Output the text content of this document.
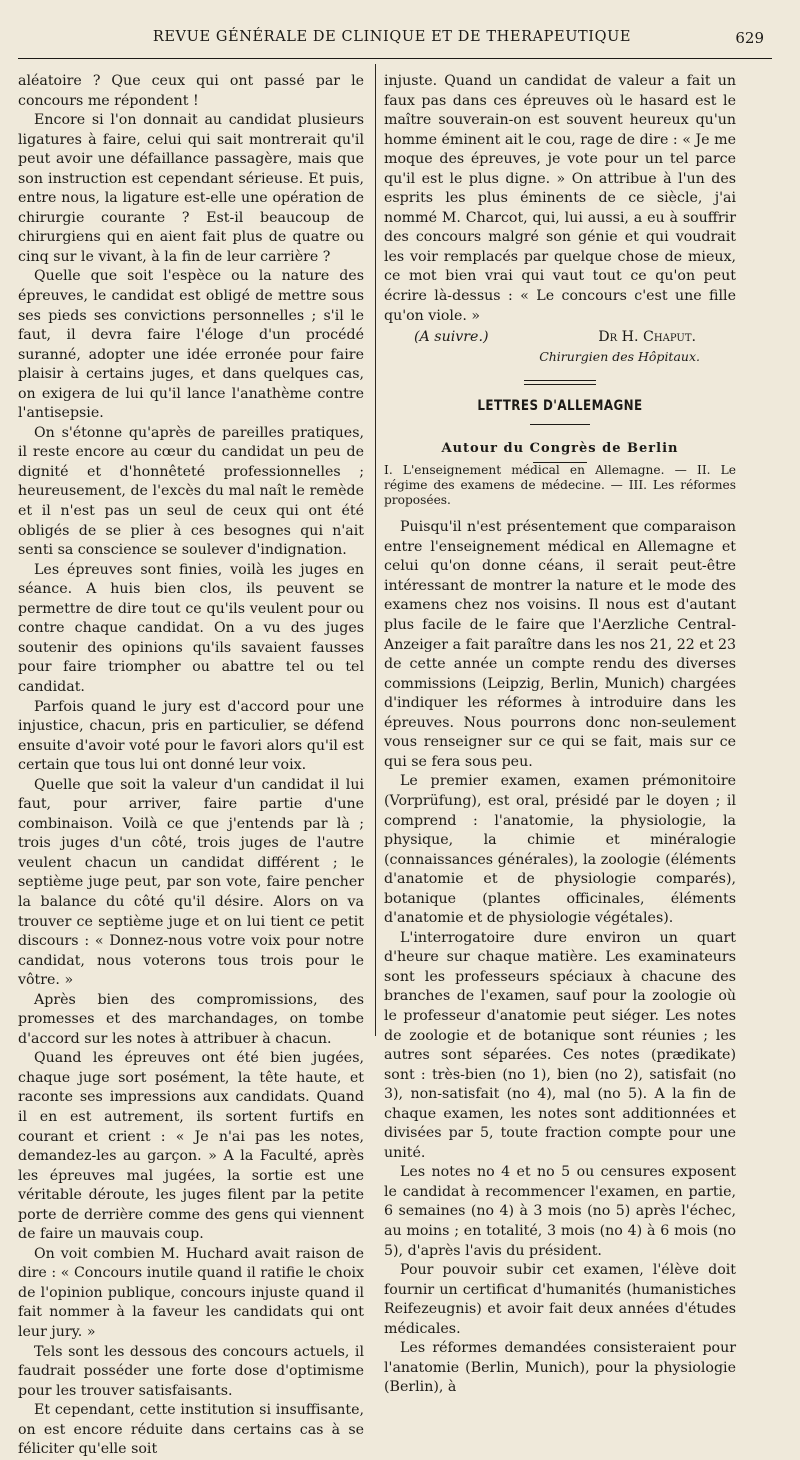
REVUE GÉNÉRALE DE CLINIQUE ET DE THERAPEUTIQUE	629

aléatoire ? Que ceux qui ont passé par le concours me répondent !

Encore si l'on donnait au candidat plusieurs ligatures à faire, celui qui sait montrerait qu'il peut avoir une défaillance passagère, mais que son instruction est cependant sérieuse. Et puis, entre nous, la ligature est-elle une opération de chirurgie courante ? Est-il beaucoup de chirurgiens qui en aient fait plus de quatre ou cinq sur le vivant, à la fin de leur carrière ?

Quelle que soit l'espèce ou la nature des épreuves, le candidat est obligé de mettre sous ses pieds ses convictions personnelles ; s'il le faut, il devra faire l'éloge d'un procédé suranné, adopter une idée erronée pour faire plaisir à certains juges, et dans quelques cas, on exigera de lui qu'il lance l'anathème contre l'antisepsie.

On s'étonne qu'après de pareilles pratiques, il reste encore au cœur du candidat un peu de dignité et d'honnêteté professionnelles ; heureusement, de l'excès du mal naît le remède et il n'est pas un seul de ceux qui ont été obligés de se plier à ces besognes qui n'ait senti sa conscience se soulever d'indignation.

Les épreuves sont finies, voilà les juges en séance. A huis bien clos, ils peuvent se permettre de dire tout ce qu'ils veulent pour ou contre chaque candidat. On a vu des juges soutenir des opinions qu'ils savaient fausses pour faire triompher ou abattre tel ou tel candidat.

Parfois quand le jury est d'accord pour une injustice, chacun, pris en particulier, se défend ensuite d'avoir voté pour le favori alors qu'il est certain que tous lui ont donné leur voix.

Quelle que soit la valeur d'un candidat il lui faut, pour arriver, faire partie d'une combinaison. Voilà ce que j'entends par là ; trois juges d'un côté, trois juges de l'autre veulent chacun un candidat différent ; le septième juge peut, par son vote, faire pencher la balance du côté qu'il désire. Alors on va trouver ce septième juge et on lui tient ce petit discours : « Donnez-nous votre voix pour notre candidat, nous voterons tous trois pour le vôtre. »

Après bien des compromissions, des promesses et des marchandages, on tombe d'accord sur les notes à attribuer à chacun.

Quand les épreuves ont été bien jugées, chaque juge sort posément, la tête haute, et raconte ses impressions aux candidats. Quand il en est autrement, ils sortent furtifs en courant et crient : « Je n'ai pas les notes, demandez-les au garçon. » A la Faculté, après les épreuves mal jugées, la sortie est une véritable déroute, les juges filent par la petite porte de derrière comme des gens qui viennent de faire un mauvais coup.

On voit combien M. Huchard avait raison de dire : « Concours inutile quand il ratifie le choix de l'opinion publique, concours injuste quand il fait nommer à la faveur les candidats qui ont leur jury. »

Tels sont les dessous des concours actuels, il faudrait posséder une forte dose d'optimisme pour les trouver satisfaisants.

Et cependant, cette institution si insuffisante, on est encore réduite dans certains cas à se féliciter qu'elle soit

injuste. Quand un candidat de valeur a fait un faux pas dans ces épreuves où le hasard est le maître souverain-on est souvent heureux qu'un homme éminent ait le cou, rage de dire : « Je me moque des épreuves, je vote pour un tel parce qu'il est le plus digne. » On attribue à l'un des esprits les plus éminents de ce siècle, j'ai nommé M. Charcot, qui, lui aussi, a eu à souffrir des concours malgré son génie et qui voudrait les voir remplacés par quelque chose de mieux, ce mot bien vrai qui vaut tout ce qu'on peut écrire là-dessus : « Le concours c'est une fille qu'on viole. »

(A suivre.)	Dr H. Chaput.
Chirurgien des Hôpitaux.
LETTRES D'ALLEMAGNE
Autour du Congrès de Berlin

I. L'enseignement médical en Allemagne. — II. Le régime des examens de médecine. — III. Les réformes proposées.

Puisqu'il n'est présentement que comparaison entre l'enseignement médical en Allemagne et celui qu'on donne céans, il serait peut-être intéressant de montrer la nature et le mode des examens chez nos voisins. Il nous est d'autant plus facile de le faire que l'Aerzliche Central-Anzeiger a fait paraître dans les nos 21, 22 et 23 de cette année un compte rendu des diverses commissions (Leipzig, Berlin, Munich) chargées d'indiquer les réformes à introduire dans les épreuves. Nous pourrons donc non-seulement vous renseigner sur ce qui se fait, mais sur ce qui se fera sous peu.

Le premier examen, examen prémonitoire (Vorprüfung), est oral, présidé par le doyen ; il comprend : l'anatomie, la physiologie, la physique, la chimie et minéralogie (connaissances générales), la zoologie (éléments d'anatomie et de physiologie comparés), botanique (plantes officinales, éléments d'anatomie et de physiologie végétales).

L'interrogatoire dure environ un quart d'heure sur chaque matière. Les examinateurs sont les professeurs spéciaux à chacune des branches de l'examen, sauf pour la zoologie où le professeur d'anatomie peut siéger. Les notes de zoologie et de botanique sont réunies ; les autres sont séparées. Ces notes (prædikate) sont : très-bien (no 1), bien (no 2), satisfait (no 3), non-satisfait (no 4), mal (no 5). A la fin de chaque examen, les notes sont additionnées et divisées par 5, toute fraction compte pour une unité.

Les notes no 4 et no 5 ou censures exposent le candidat à recommencer l'examen, en partie, 6 semaines (no 4) à 3 mois (no 5) après l'échec, au moins ; en totalité, 3 mois (no 4) à 6 mois (no 5), d'après l'avis du président.

Pour pouvoir subir cet examen, l'élève doit fournir un certificat d'humanités (humanistiches Reifezeugnis) et avoir fait deux années d'études médicales.

Les réformes demandées consisteraient pour l'anatomie (Berlin, Munich), pour la physiologie (Berlin), à
